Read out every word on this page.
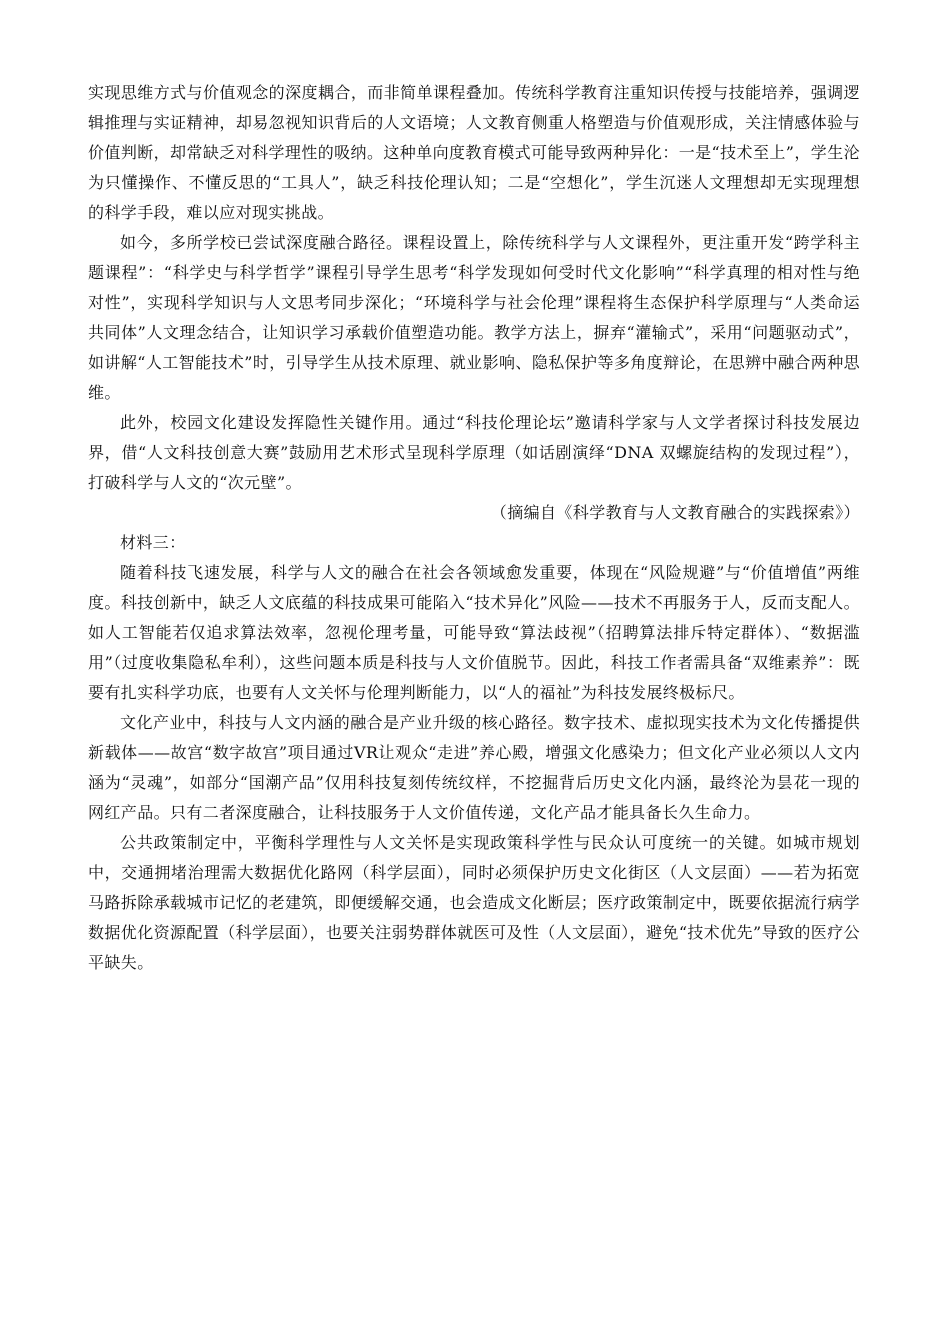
实现思维方式与价值观念的深度耦合，而非简单课程叠加。传统科学教育注重知识传授与技能培养，强调逻辑推理与实证精神，却易忽视知识背后的人文语境；人文教育侧重人格塑造与价值观形成，关注情感体验与价值判断，却常缺乏对科学理性的吸纳。这种单向度教育模式可能导致两种异化：一是“技术至上”，学生沦为只懂操作、不懂反思的“工具人”，缺乏科技伦理认知；二是“空想化”，学生沉迷人文理想却无实现理想的科学手段，难以应对现实挑战。

如今，多所学校已尝试深度融合路径。课程设置上，除传统科学与人文课程外，更注重开发“跨学科主题课程”：“科学史与科学哲学”课程引导学生思考“科学发现如何受时代文化影响”“科学真理的相对性与绝对性”，实现科学知识与人文思考同步深化；“环境科学与社会伦理”课程将生态保护科学原理与“人类命运共同体”人文理念结合，让知识学习承载价值塑造功能。教学方法上，摒弃“灌输式”，采用“问题驱动式”，如讲解“人工智能技术”时，引导学生从技术原理、就业影响、隐私保护等多角度辩论，在思辨中融合两种思维。

此外，校园文化建设发挥隐性关键作用。通过“科技伦理论坛”邀请科学家与人文学者探讨科技发展边界，借“人文科技创意大赛”鼓励用艺术形式呈现科学原理（如话剧演绎“DNA 双螺旋结构的发现过程”），打破科学与人文的“次元壁”。

（摘编自《科学教育与人文教育融合的实践探索》）

材料三：

随着科技飞速发展，科学与人文的融合在社会各领域愈发重要，体现在“风险规避”与“价值增值”两维度。科技创新中，缺乏人文底蕴的科技成果可能陷入“技术异化”风险——技术不再服务于人，反而支配人。如人工智能若仅追求算法效率，忽视伦理考量，可能导致“算法歧视”（招聘算法排斥特定群体）、“数据滥用”（过度收集隐私牟利），这些问题本质是科技与人文价值脱节。因此，科技工作者需具备“双维素养”：既要有扎实科学功底，也要有人文关怀与伦理判断能力，以“人的福祉”为科技发展终极标尺。

文化产业中，科技与人文内涵的融合是产业升级的核心路径。数字技术、虚拟现实技术为文化传播提供新载体——故宫“数字故宫”项目通过VR让观众“走进”养心殿，增强文化感染力；但文化产业必须以人文内涵为“灵魂”，如部分“国潮产品”仅用科技复刻传统纹样，不挖掘背后历史文化内涵，最终沦为昙花一现的网红产品。只有二者深度融合，让科技服务于人文价值传递，文化产品才能具备长久生命力。

公共政策制定中，平衡科学理性与人文关怀是实现政策科学性与民众认可度统一的关键。如城市规划中，交通拥堵治理需大数据优化路网（科学层面），同时必须保护历史文化街区（人文层面）——若为拓宽马路拆除承载城市记忆的老建筑，即便缓解交通，也会造成文化断层；医疗政策制定中，既要依据流行病学数据优化资源配置（科学层面），也要关注弱势群体就医可及性（人文层面），避免“技术优先”导致的医疗公平缺失。
